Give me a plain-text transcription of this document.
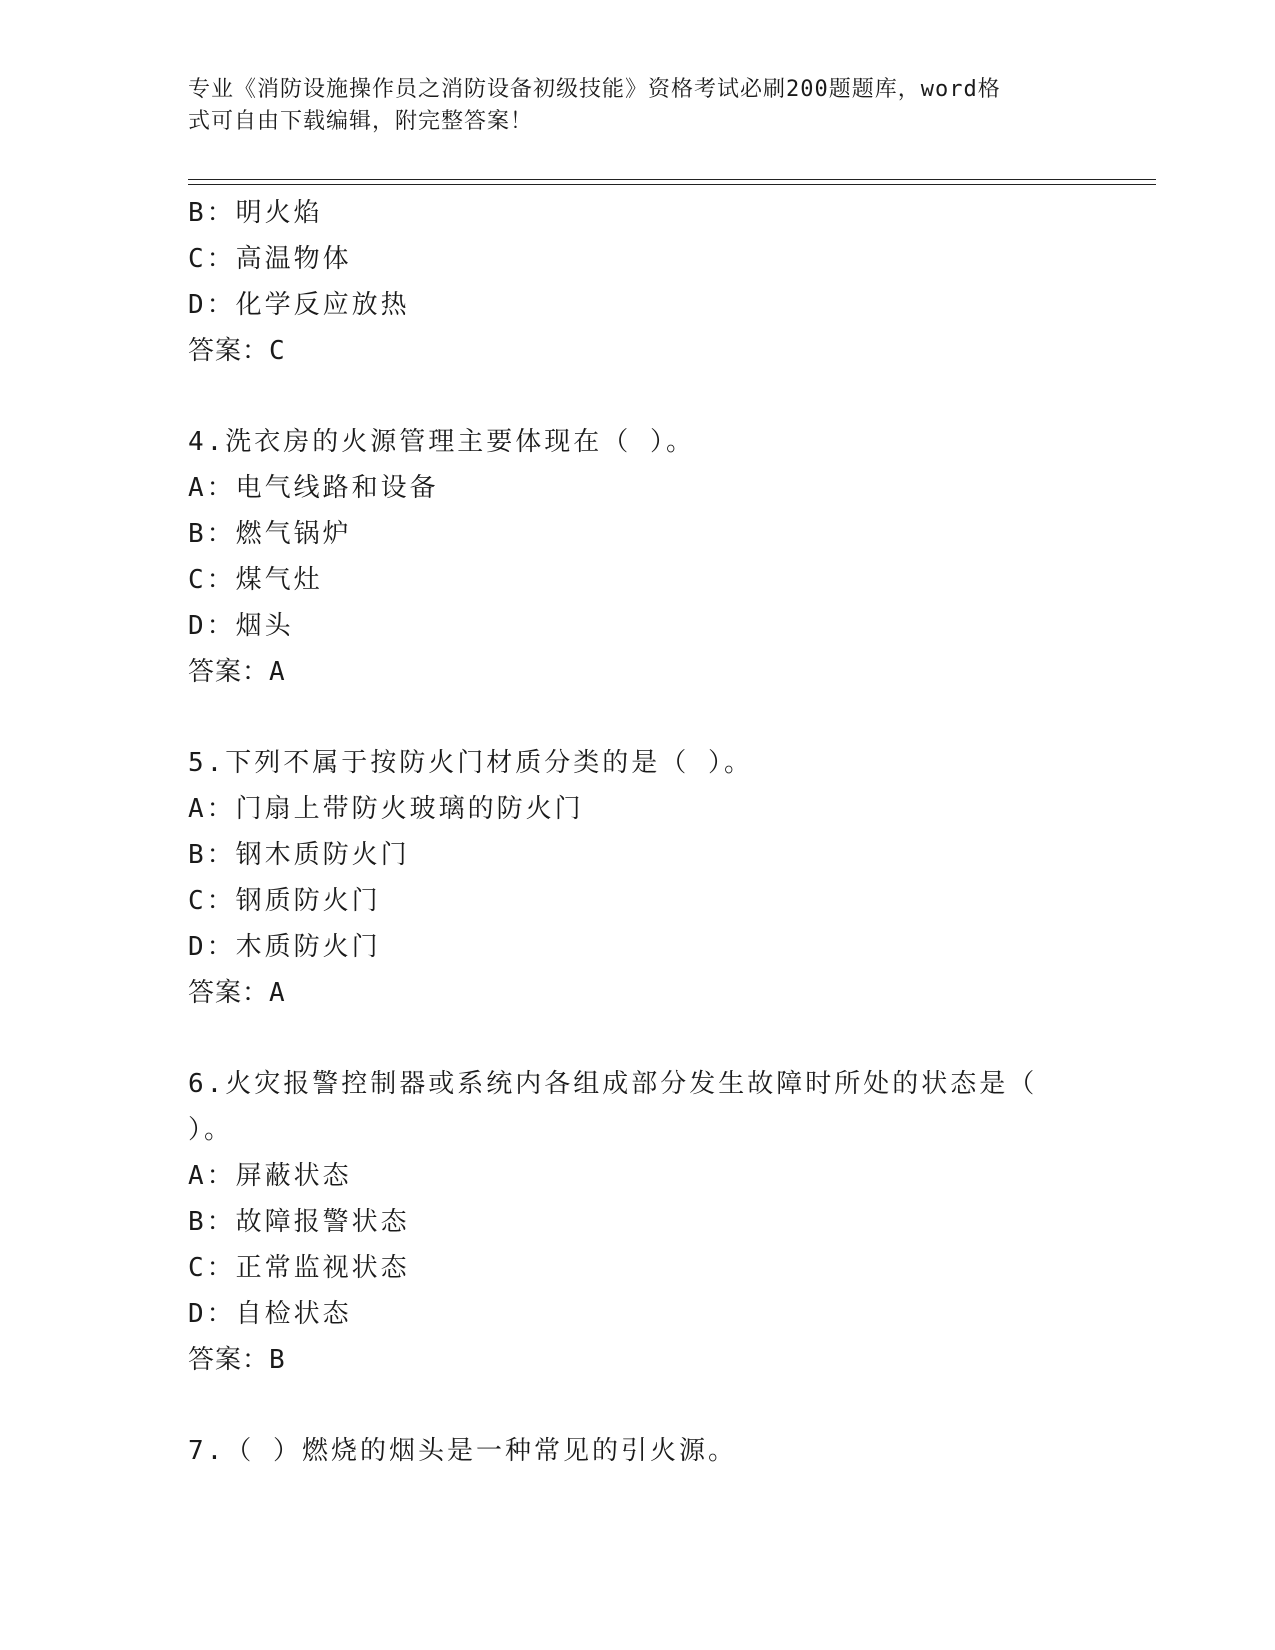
专业《消防设施操作员之消防设备初级技能》资格考试必刷200题题库，word格
式可自由下载编辑，附完整答案！
B：明火焰
C：高温物体
D：化学反应放热
答案：C
4.洗衣房的火源管理主要体现在（ ）。
A：电气线路和设备
B：燃气锅炉
C：煤气灶
D：烟头
答案：A
5.下列不属于按防火门材质分类的是（ ）。
A：门扇上带防火玻璃的防火门
B：钢木质防火门
C：钢质防火门
D：木质防火门
答案：A
6.火灾报警控制器或系统内各组成部分发生故障时所处的状态是（
）。
A：屏蔽状态
B：故障报警状态
C：正常监视状态
D：自检状态
答案：B
7.（ ）燃烧的烟头是一种常见的引火源。
